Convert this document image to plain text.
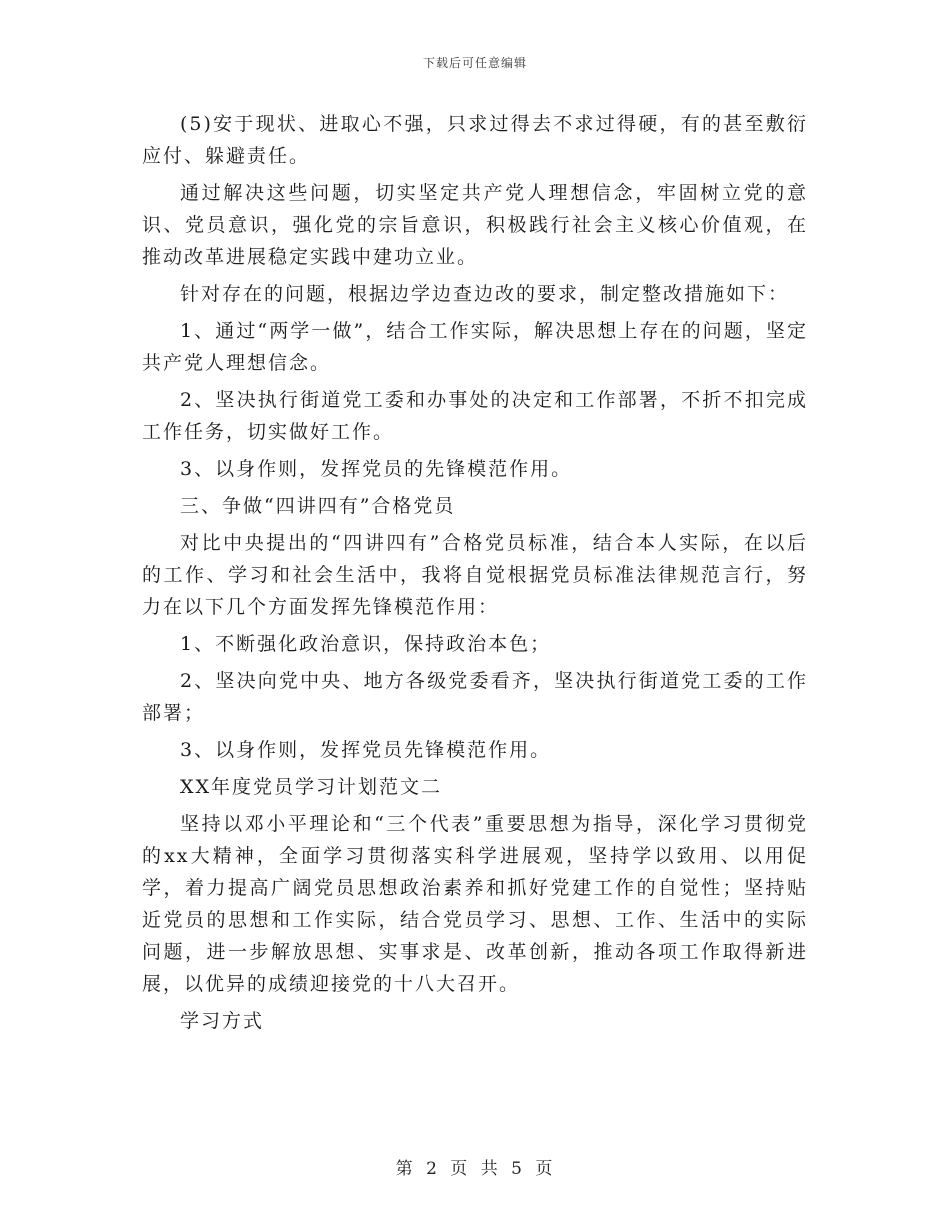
下载后可任意编辑

(5)安于现状、进取心不强，只求过得去不求过得硬，有的甚至敷衍应付、躲避责任。

通过解决这些问题，切实坚定共产党人理想信念，牢固树立党的意识、党员意识，强化党的宗旨意识，积极践行社会主义核心价值观，在推动改革进展稳定实践中建功立业。

针对存在的问题，根据边学边查边改的要求，制定整改措施如下：

1、通过“两学一做”，结合工作实际，解决思想上存在的问题，坚定共产党人理想信念。

2、坚决执行街道党工委和办事处的决定和工作部署，不折不扣完成工作任务，切实做好工作。

3、以身作则，发挥党员的先锋模范作用。

三、争做“四讲四有”合格党员

对比中央提出的“四讲四有”合格党员标准，结合本人实际，在以后的工作、学习和社会生活中，我将自觉根据党员标准法律规范言行，努力在以下几个方面发挥先锋模范作用：

1、不断强化政治意识，保持政治本色；

2、坚决向党中央、地方各级党委看齐，坚决执行街道党工委的工作部署；

3、以身作则，发挥党员先锋模范作用。

XX年度党员学习计划范文二

坚持以邓小平理论和“三个代表”重要思想为指导，深化学习贯彻党的xx大精神，全面学习贯彻落实科学进展观，坚持学以致用、以用促学，着力提高广阔党员思想政治素养和抓好党建工作的自觉性；坚持贴近党员的思想和工作实际，结合党员学习、思想、工作、生活中的实际问题，进一步解放思想、实事求是、改革创新，推动各项工作取得新进展，以优异的成绩迎接党的十八大召开。

学习方式

第 2 页 共 5 页
